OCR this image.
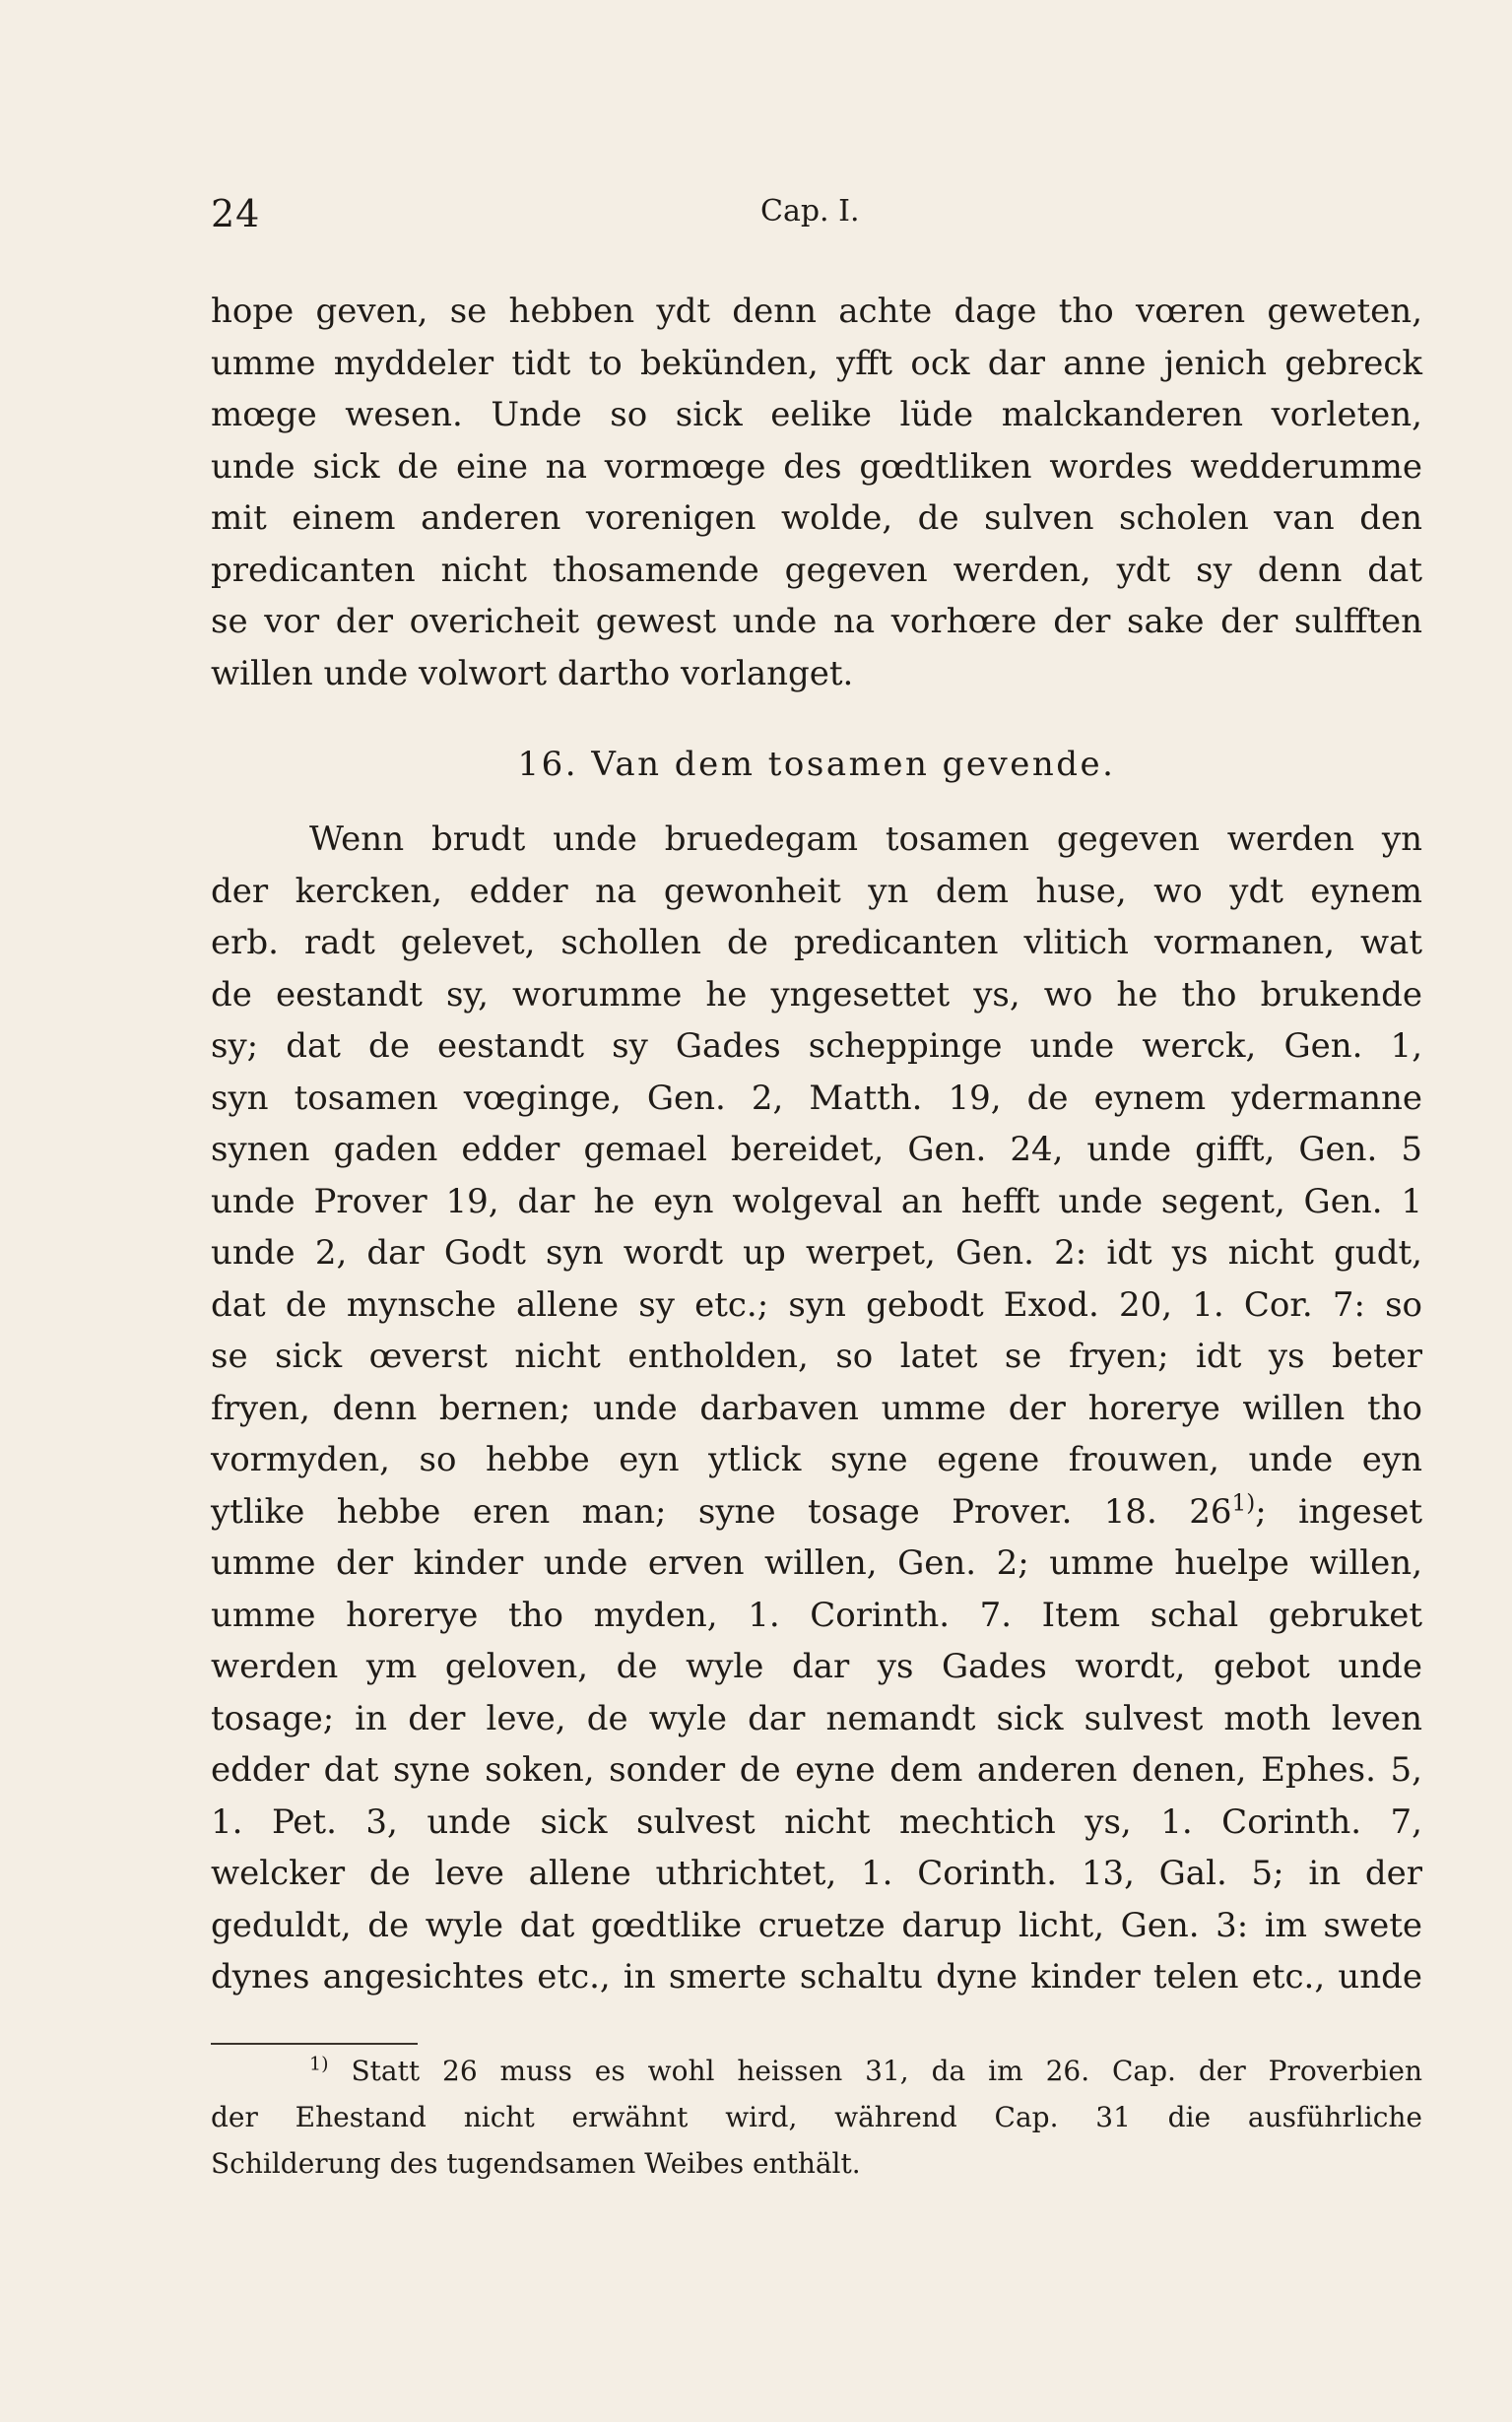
24	Cap. I.
hope geven, se hebben ydt denn achte dage tho vœren geweten,
umme myddeler tidt to bekünden, yfft ock dar anne jenich gebreck
mœge wesen. Unde so sick eelike lüde malckanderen vorleten,
unde sick de eine na vormœge des gœdtliken wordes wedderumme
mit einem anderen vorenigen wolde, de sulven scholen van den
predicanten nicht thosamende gegeven werden, ydt sy denn dat
se vor der overicheit gewest unde na vorhœre der sake der sulfften
willen unde volwort dartho vorlanget.
16. Van dem tosamen gevende.
Wenn brudt unde bruedegam tosamen gegeven werden yn
der kercken, edder na gewonheit yn dem huse, wo ydt eynem
erb. radt gelevet, schollen de predicanten vlitich vormanen, wat
de eestandt sy, worumme he yngesettet ys, wo he tho brukende
sy; dat de eestandt sy Gades scheppinge unde werck, Gen. 1,
syn tosamen vœginge, Gen. 2, Matth. 19, de eynem ydermanne
synen gaden edder gemael bereidet, Gen. 24, unde gifft, Gen. 5
unde Prover 19, dar he eyn wolgeval an hefft unde segent, Gen. 1
unde 2, dar Godt syn wordt up werpet, Gen. 2: idt ys nicht gudt,
dat de mynsche allene sy etc.; syn gebodt Exod. 20, 1. Cor. 7: so
se sick œverst nicht entholden, so latet se fryen; idt ys beter
fryen, denn bernen; unde darbaven umme der horerye willen tho
vormyden, so hebbe eyn ytlick syne egene frouwen, unde eyn
ytlike hebbe eren man; syne tosage Prover. 18. 26$^{1)}$; ingeset
umme der kinder unde erven willen, Gen. 2; umme huelpe willen,
umme horerye tho myden, 1. Corinth. 7. Item schal gebruket
werden ym geloven, de wyle dar ys Gades wordt, gebot unde
tosage; in der leve, de wyle dar nemandt sick sulvest moth leven
edder dat syne soken, sonder de eyne dem anderen denen, Ephes. 5,
1. Pet. 3, unde sick sulvest nicht mechtich ys, 1. Corinth. 7,
welcker de leve allene uthrichtet, 1. Corinth. 13, Gal. 5; in der
geduldt, de wyle dat gœdtlike cruetze darup licht, Gen. 3: im swete
dynes angesichtes etc., in smerte schaltu dyne kinder telen etc., unde
$^{1)}$ Statt 26 muss es wohl heissen 31, da im 26. Cap. der Proverbien
der Ehestand nicht erwähnt wird, während Cap. 31 die ausführliche
Schilderung des tugendsamen Weibes enthält.
